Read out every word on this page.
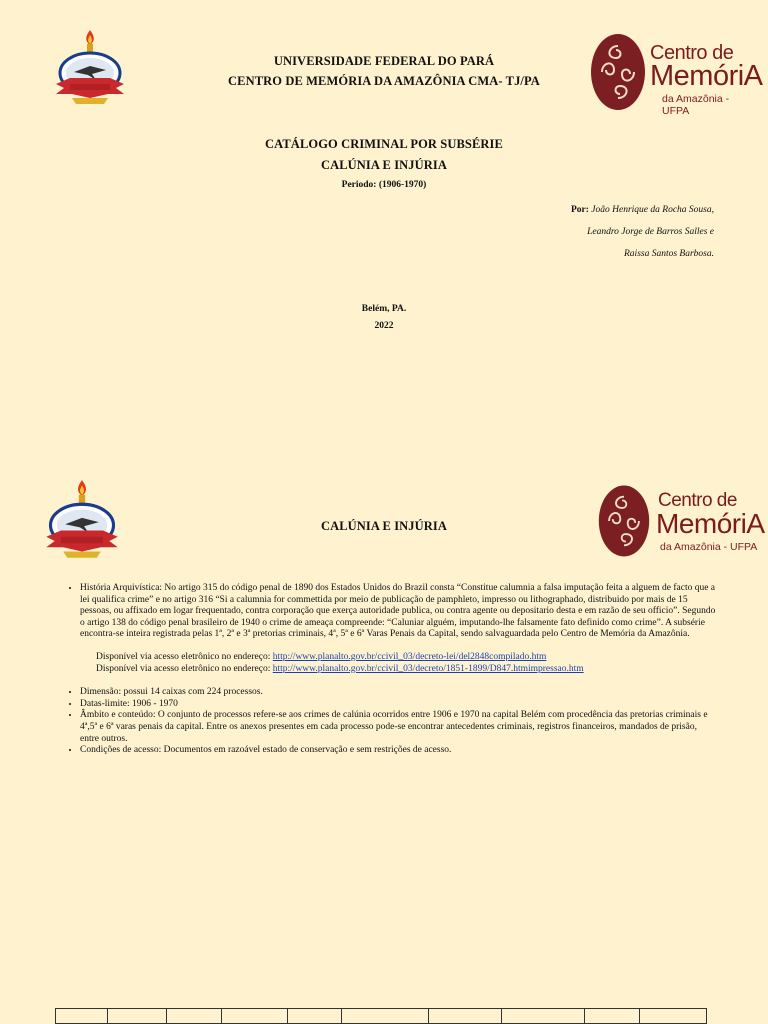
UNIVERSIDADE FEDERAL DO PARÁ
CENTRO DE MEMÓRIA DA AMAZÔNIA CMA- TJ/PA
Centro de
MemóriA
da Amazônia - UFPA
CATÁLOGO CRIMINAL POR SUBSÉRIE
CALÚNIA E INJÚRIA
Periodo: (1906-1970)
Por: João Henrique da Rocha Sousa,
Leandro Jorge de Barros Salles e
Raissa Santos Barbosa.
Belém, PA.
2022
CALÚNIA E INJÚRIA
Centro de
MemóriA
da Amazônia - UFPA
• História Arquivística: No artigo 315 do código penal de 1890 dos Estados Unidos do Brazil consta “Constitue calumnia a falsa imputação feita a alguem de facto que a lei qualifica crime” e no artigo 316 “Si a calumnia for commettida por meio de publicação de pamphleto, impresso ou lithographado, distribuido por mais de 15 pessoas, ou affixado em logar frequentado, contra corporação que exerça autoridade publica, ou contra agente ou depositario desta e em razão de seu officio”. Segundo o artigo 138 do código penal brasileiro de 1940 o crime de ameaça compreende: “Caluniar alguém, imputando-lhe falsamente fato definido como crime”. A subsérie encontra-se inteira registrada pelas 1ª, 2ª e 3ª pretorias criminais, 4ª, 5ª e 6ª Varas Penais da Capital, sendo salvaguardada pelo Centro de Memória da Amazônia.
Disponível via acesso eletrônico no endereço: http://www.planalto.gov.br/ccivil_03/decreto-lei/del2848compilado.htm
Disponível via acesso eletrônico no endereço: http://www.planalto.gov.br/ccivil_03/decreto/1851-1899/D847.htmimpressao.htm
• Dimensão: possui 14 caixas com 224 processos.
• Datas-limite: 1906 - 1970
• Âmbito e conteúdo: O conjunto de processos refere-se aos crimes de calúnia ocorridos entre 1906 e 1970 na capital Belém com procedência das pretorias criminais e 4ª,5ª e 6ª varas penais da capital. Entre os anexos presentes em cada processo pode-se encontrar antecedentes criminais, registros financeiros, mandados de prisão, entre outros.
• Condições de acesso: Documentos em razoável estado de conservação e sem restrições de acesso.
